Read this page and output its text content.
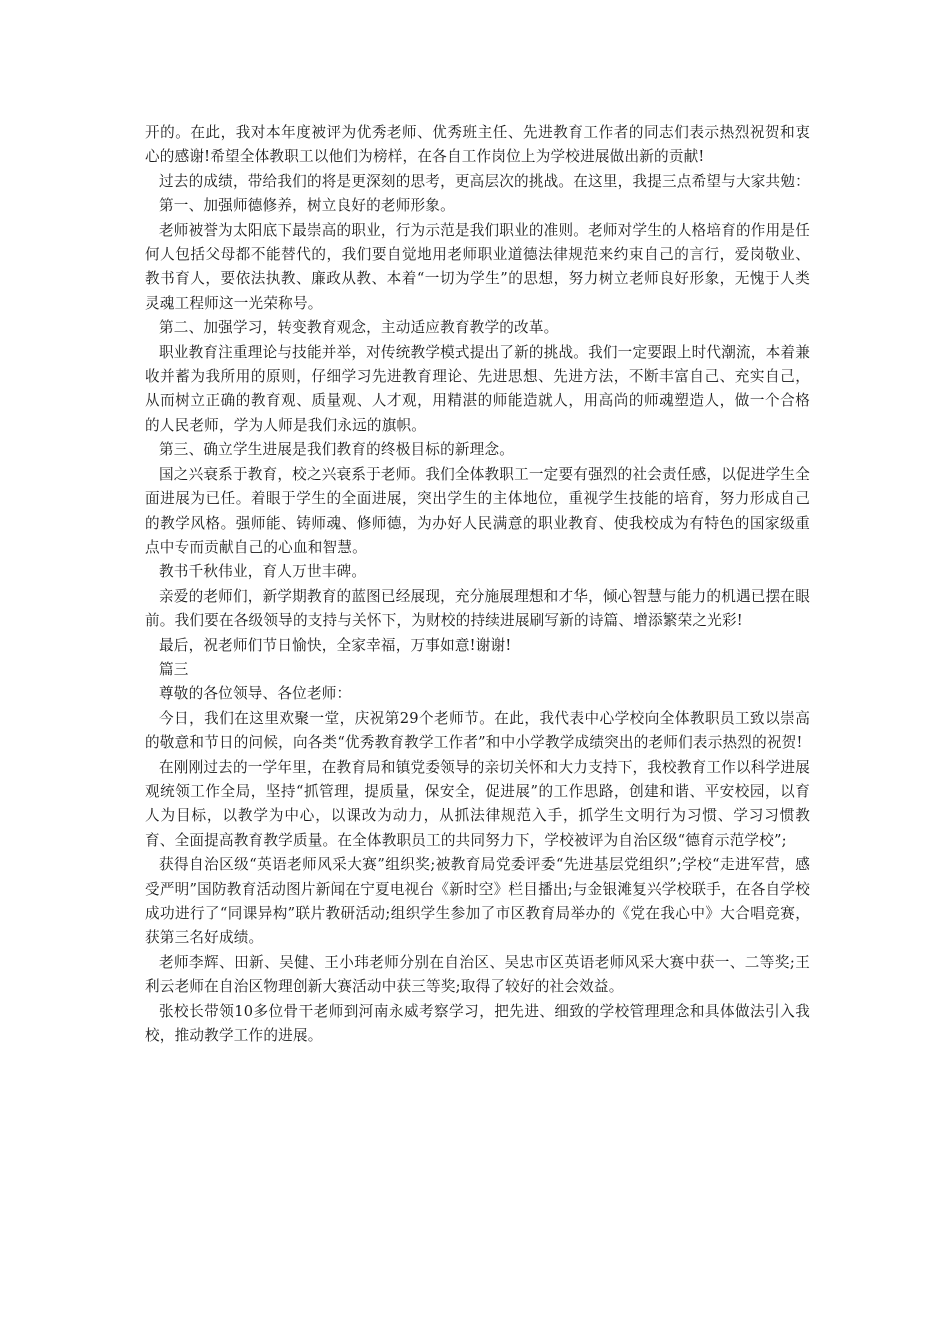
开的。在此，我对本年度被评为优秀老师、优秀班主任、先进教育工作者的同志们表示热烈祝贺和衷心的感谢!希望全体教职工以他们为榜样，在各自工作岗位上为学校进展做出新的贡献!

过去的成绩，带给我们的将是更深刻的思考，更高层次的挑战。在这里，我提三点希望与大家共勉：

第一、加强师德修养，树立良好的老师形象。

老师被誉为太阳底下最崇高的职业，行为示范是我们职业的准则。老师对学生的人格培育的作用是任何人包括父母都不能替代的，我们要自觉地用老师职业道德法律规范来约束自己的言行，爱岗敬业、教书育人，要依法执教、廉政从教、本着“一切为学生”的思想，努力树立老师良好形象，无愧于人类灵魂工程师这一光荣称号。

第二、加强学习，转变教育观念，主动适应教育教学的改革。

职业教育注重理论与技能并举，对传统教学模式提出了新的挑战。我们一定要跟上时代潮流，本着兼收并蓄为我所用的原则，仔细学习先进教育理论、先进思想、先进方法，不断丰富自己、充实自己，从而树立正确的教育观、质量观、人才观，用精湛的师能造就人，用高尚的师魂塑造人，做一个合格的人民老师，学为人师是我们永远的旗帜。

第三、确立学生进展是我们教育的终极目标的新理念。

国之兴衰系于教育，校之兴衰系于老师。我们全体教职工一定要有强烈的社会责任感，以促进学生全面进展为已任。着眼于学生的全面进展，突出学生的主体地位，重视学生技能的培育，努力形成自己的教学风格。强师能、铸师魂、修师德，为办好人民满意的职业教育、使我校成为有特色的国家级重点中专而贡献自己的心血和智慧。

教书千秋伟业，育人万世丰碑。

亲爱的老师们，新学期教育的蓝图已经展现，充分施展理想和才华，倾心智慧与能力的机遇已摆在眼前。我们要在各级领导的支持与关怀下，为财校的持续进展刷写新的诗篇、增添繁荣之光彩!

最后，祝老师们节日愉快，全家幸福，万事如意!谢谢!

篇三

尊敬的各位领导、各位老师：

今日，我们在这里欢聚一堂，庆祝第29个老师节。在此，我代表中心学校向全体教职员工致以崇高的敬意和节日的问候，向各类“优秀教育教学工作者”和中小学教学成绩突出的老师们表示热烈的祝贺!

在刚刚过去的一学年里，在教育局和镇党委领导的亲切关怀和大力支持下，我校教育工作以科学进展观统领工作全局，坚持“抓管理，提质量，保安全，促进展”的工作思路，创建和谐、平安校园，以育人为目标，以教学为中心，以课改为动力，从抓法律规范入手，抓学生文明行为习惯、学习习惯教育、全面提高教育教学质量。在全体教职员工的共同努力下，学校被评为自治区级“德育示范学校”;

获得自治区级“英语老师风采大赛”组织奖;被教育局党委评委“先进基层党组织”;学校“走进军营，感受严明”国防教育活动图片新闻在宁夏电视台《新时空》栏目播出;与金银滩复兴学校联手，在各自学校成功进行了“同课异构”联片教研活动;组织学生参加了市区教育局举办的《党在我心中》大合唱竞赛，获第三名好成绩。

老师李辉、田新、吴健、王小玮老师分别在自治区、吴忠市区英语老师风采大赛中获一、二等奖;王利云老师在自治区物理创新大赛活动中获三等奖;取得了较好的社会效益。

张校长带领10多位骨干老师到河南永威考察学习，把先进、细致的学校管理理念和具体做法引入我校，推动教学工作的进展。
